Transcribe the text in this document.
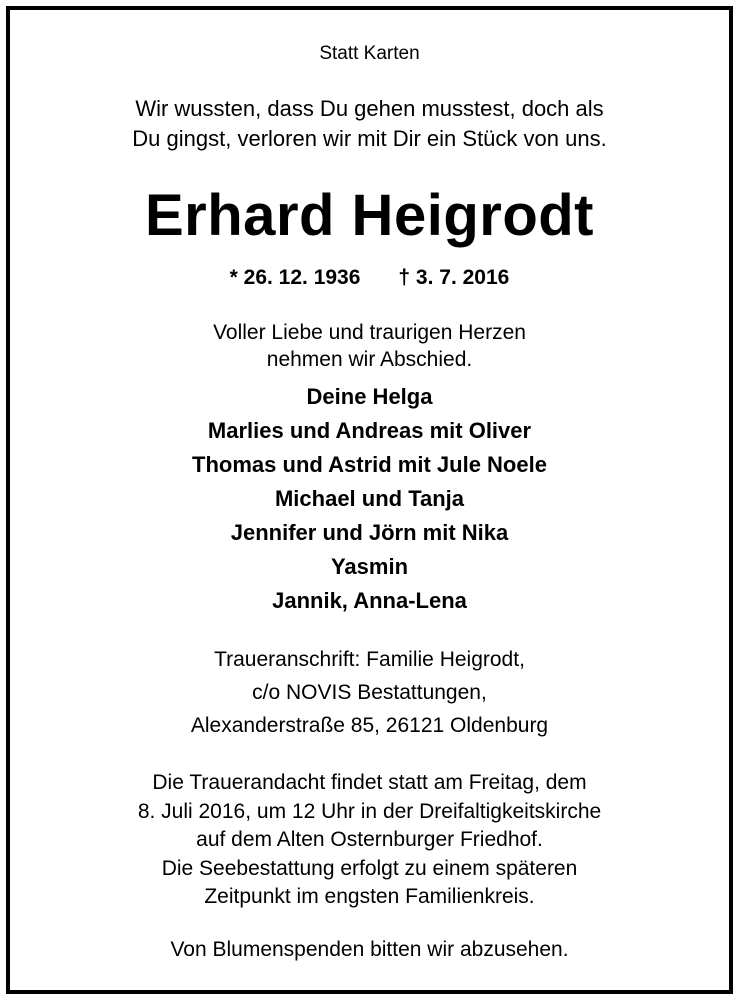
Statt Karten
Wir wussten, dass Du gehen musstest, doch als
Du gingst, verloren wir mit Dir ein Stück von uns.
Erhard Heigrodt
* 26. 12. 1936 † 3. 7. 2016
Voller Liebe und traurigen Herzen
nehmen wir Abschied.
Deine Helga
Marlies und Andreas mit Oliver
Thomas und Astrid mit Jule Noele
Michael und Tanja
Jennifer und Jörn mit Nika
Yasmin
Jannik, Anna-Lena
Traueranschrift: Familie Heigrodt,
c/o NOVIS Bestattungen,
Alexanderstraße 85, 26121 Oldenburg
Die Trauerandacht findet statt am Freitag, dem
8. Juli 2016, um 12 Uhr in der Dreifaltigkeitskirche
auf dem Alten Osternburger Friedhof.
Die Seebestattung erfolgt zu einem späteren
Zeitpunkt im engsten Familienkreis.
Von Blumenspenden bitten wir abzusehen.
